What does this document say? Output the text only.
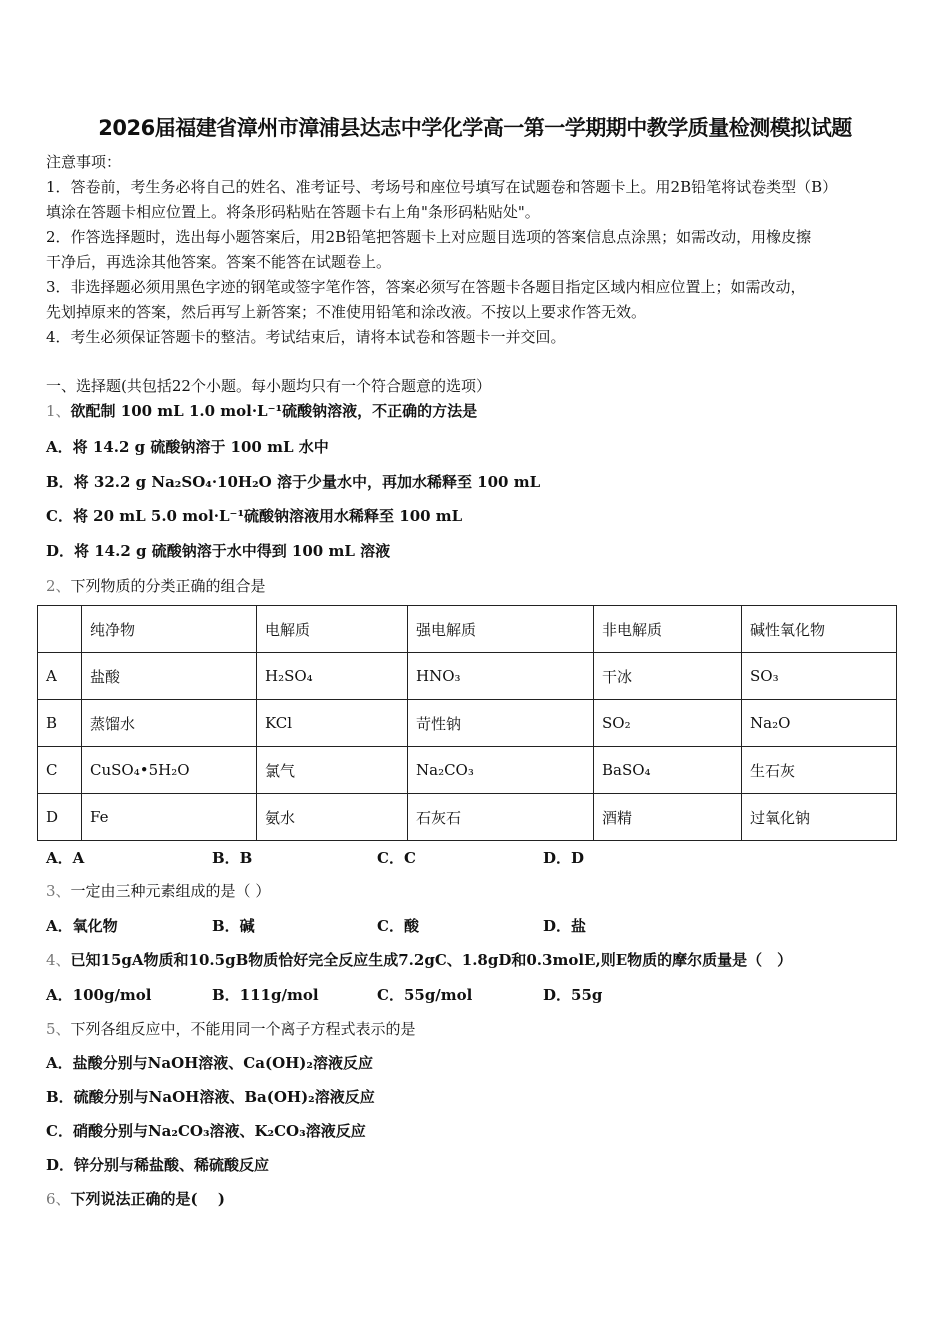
2026届福建省漳州市漳浦县达志中学化学高一第一学期期中教学质量检测模拟试题
注意事项：
1．答卷前，考生务必将自己的姓名、准考证号、考场号和座位号填写在试题卷和答题卡上。用2B铅笔将试卷类型（B）
填涂在答题卡相应位置上。将条形码粘贴在答题卡右上角"条形码粘贴处"。
2．作答选择题时，选出每小题答案后，用2B铅笔把答题卡上对应题目选项的答案信息点涂黑；如需改动，用橡皮擦
干净后，再选涂其他答案。答案不能答在试题卷上。
3．非选择题必须用黑色字迹的钢笔或签字笔作答，答案必须写在答题卡各题目指定区域内相应位置上；如需改动，
先划掉原来的答案，然后再写上新答案；不准使用铅笔和涂改液。不按以上要求作答无效。
4．考生必须保证答题卡的整洁。考试结束后，请将本试卷和答题卡一并交回。
一、选择题(共包括22个小题。每小题均只有一个符合题意的选项）
1、欲配制 100 mL 1.0 mol·L⁻¹硫酸钠溶液，不正确的方法是
A．将 14.2 g 硫酸钠溶于 100 mL 水中
B．将 32.2 g Na₂SO₄·10H₂O 溶于少量水中，再加水稀释至 100 mL
C．将 20 mL 5.0 mol·L⁻¹硫酸钠溶液用水稀释至 100 mL
D．将 14.2 g 硫酸钠溶于水中得到 100 mL 溶液
2、下列物质的分类正确的组合是
	纯净物	电解质	强电解质	非电解质	碱性氧化物
A	盐酸	H₂SO₄	HNO₃	干冰	SO₃
B	蒸馏水	KCl	苛性钠	SO₂	Na₂O
C	CuSO₄•5H₂O	氯气	Na₂CO₃	BaSO₄	生石灰
D	Fe	氨水	石灰石	酒精	过氧化钠
A．A	B．B	C．C	D．D
3、一定由三种元素组成的是（ ）
A．氧化物	B．碱	C．酸	D．盐
4、已知15gA物质和10.5gB物质恰好完全反应生成7.2gC、1.8gD和0.3molE,则E物质的摩尔质量是（　）
A．100g/mol	B．111g/mol	C．55g/mol	D．55g
5、下列各组反应中，不能用同一个离子方程式表示的是
A．盐酸分别与NaOH溶液、Ca(OH)₂溶液反应
B．硫酸分别与NaOH溶液、Ba(OH)₂溶液反应
C．硝酸分别与Na₂CO₃溶液、K₂CO₃溶液反应
D．锌分别与稀盐酸、稀硫酸反应
6、下列说法正确的是(　 )
